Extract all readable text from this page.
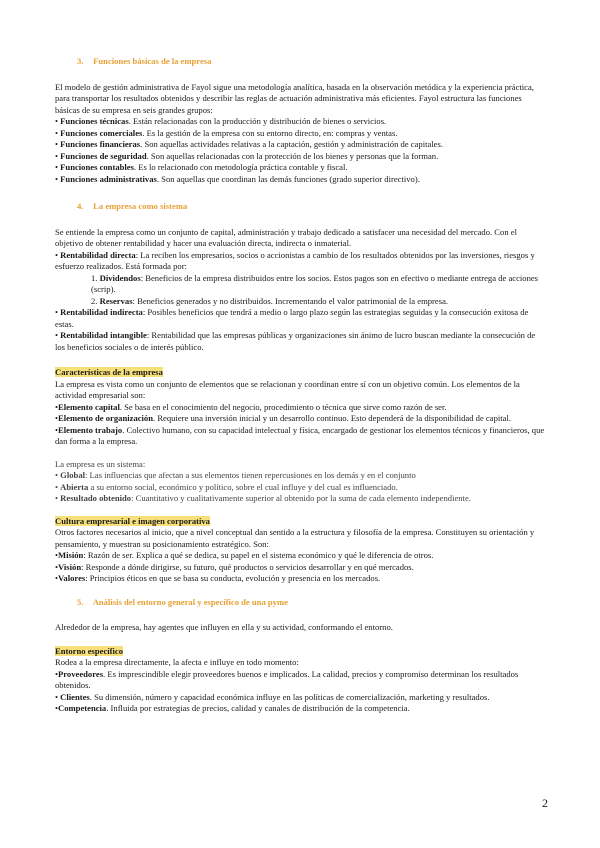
3. Funciones básicas de la empresa

El modelo de gestión administrativa de Fayol sigue una metodología analítica, basada en la observación metódica y la experiencia práctica, para transportar los resultados obtenidos y describir las reglas de actuación administrativa más eficientes. Fayol estructura las funciones básicas de su empresa en seis grandes grupos:

• Funciones técnicas. Están relacionadas con la producción y distribución de bienes o servicios.

• Funciones comerciales. Es la gestión de la empresa con su entorno directo, en: compras y ventas.

• Funciones financieras. Son aquellas actividades relativas a la captación, gestión y administración de capitales.

• Funciones de seguridad. Son aquellas relacionadas con la protección de los bienes y personas que la forman.

• Funciones contables. Es lo relacionado con metodología práctica contable y fiscal.

• Funciones administrativas. Son aquellas que coordinan las demás funciones (grado superior directivo).

4. La empresa como sistema

Se entiende la empresa como un conjunto de capital, administración y trabajo dedicado a satisfacer una necesidad del mercado. Con el objetivo de obtener rentabilidad y hacer una evaluación directa, indirecta o inmaterial.

• Rentabilidad directa: La reciben los empresarios, socios o accionistas a cambio de los resultados obtenidos por las inversiones, riesgos y esfuerzo realizados. Está formada por:

1. Dividendos: Beneficios de la empresa distribuidos entre los socios. Estos pagos son en efectivo o mediante entrega de acciones (scrip).

2. Reservas: Beneficios generados y no distribuidos. Incrementando el valor patrimonial de la empresa.

• Rentabilidad indirecta: Posibles beneficios que tendrá a medio o largo plazo según las estrategias seguidas y la consecución exitosa de estas.

• Rentabilidad intangible: Rentabilidad que las empresas públicas y organizaciones sin ánimo de lucro buscan mediante la consecución de los beneficios sociales o de interés público.

Características de la empresa

La empresa es vista como un conjunto de elementos que se relacionan y coordinan entre sí con un objetivo común. Los elementos de la actividad empresarial son:

•Elemento capital. Se basa en el conocimiento del negocio, procedimiento o técnica que sirve como razón de ser.

•Elemento de organización. Requiere una inversión inicial y un desarrollo continuo. Esto dependerá de la disponibilidad de capital.

•Elemento trabajo. Colectivo humano, con su capacidad intelectual y física, encargado de gestionar los elementos técnicos y financieros, que dan forma a la empresa.

La empresa es un sistema:

• Global: Las influencias que afectan a sus elementos tienen repercusiones en los demás y en el conjunto

• Abierta a su entorno social, económico y político, sobre el cual influye y del cual es influenciado.

• Resultado obtenido: Cuantitativo y cualitativamente superior al obtenido por la suma de cada elemento independiente.

Cultura empresarial e imagen corporativa

Otros factores necesarios al inicio, que a nivel conceptual dan sentido a la estructura y filosofía de la empresa. Constituyen su orientación y pensamiento, y muestran su posicionamiento estratégico. Son:

•Misión: Razón de ser. Explica a qué se dedica, su papel en el sistema económico y qué le diferencia de otros.

•Visión: Responde a dónde dirigirse, su futuro, qué productos o servicios desarrollar y en qué mercados.

•Valores: Principios éticos en que se basa su conducta, evolución y presencia en los mercados.

5. Análisis del entorno general y específico de una pyme

Alrededor de la empresa, hay agentes que influyen en ella y su actividad, conformando el entorno.

Entorno específico

Rodea a la empresa directamente, la afecta e influye en todo momento:

•Proveedores. Es imprescindible elegir proveedores buenos e implicados. La calidad, precios y compromiso determinan los resultados obtenidos.

• Clientes. Su dimensión, número y capacidad económica influye en las políticas de comercialización, marketing y resultados.

•Competencia. Influida por estrategias de precios, calidad y canales de distribución de la competencia.

2
